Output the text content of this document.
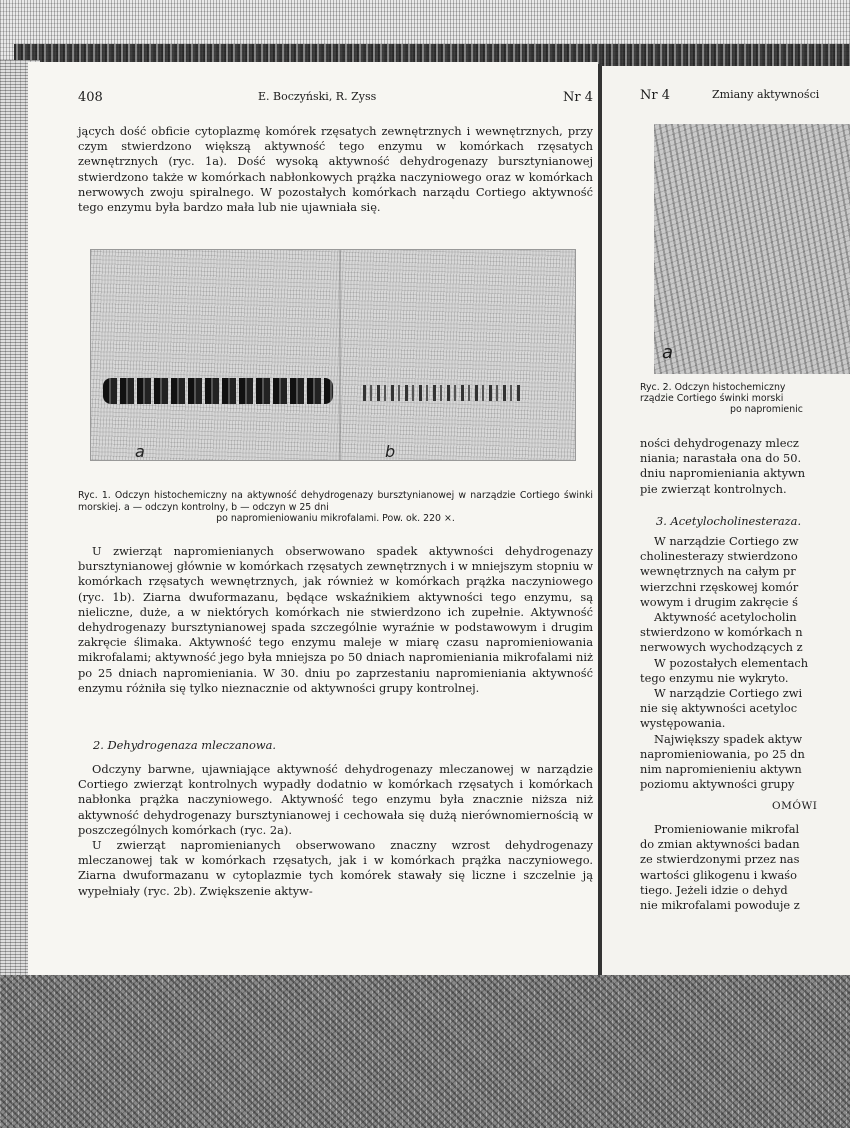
408	E. Boczyński, R. Zyss	Nr 4

jących dość obficie cytoplazmę komórek rzęsatych zewnętrznych i wewnętrznych, przy czym stwierdzono większą aktywność tego enzymu w komórkach rzęsatych zewnętrznych (ryc. 1a). Dość wysoką aktywność dehydrogenazy bursztynianowej stwierdzono także w komórkach nabłonkowych prążka naczyniowego oraz w komórkach nerwowych zwoju spiralnego. W pozostałych komórkach narządu Cortiego aktywność tego enzymu była bardzo mała lub nie ujawniała się.

a	b
Ryc. 1. Odczyn histochemiczny na aktywność dehydrogenazy bursztynianowej w narządzie Cortiego świnki morskiej. a — odczyn kontrolny, b — odczyn w 25 dni
po napromieniowaniu mikrofalami. Pow. ok. 220 ×.

U zwierząt napromienianych obserwowano spadek aktywności dehydrogenazy bursztynianowej głównie w komórkach rzęsatych zewnętrznych i w mniejszym stopniu w komórkach rzęsatych wewnętrznych, jak również w komórkach prążka naczyniowego (ryc. 1b). Ziarna dwuformazanu, będące wskaźnikiem aktywności tego enzymu, są nieliczne, duże, a w niektórych komórkach nie stwierdzono ich zupełnie. Aktywność dehydrogenazy bursztynianowej spada szczególnie wyraźnie w podstawowym i drugim zakręcie ślimaka. Aktywność tego enzymu maleje w miarę czasu napromieniowania mikrofalami; aktywność jego była mniejsza po 50 dniach napromieniania mikrofalami niż po 25 dniach napromieniania. W 30. dniu po zaprzestaniu napromieniania aktywność enzymu różniła się tylko nieznacznie od aktywności grupy kontrolnej.

2. Dehydrogenaza mleczanowa.

Odczyny barwne, ujawniające aktywność dehydrogenazy mleczanowej w narządzie Cortiego zwierząt kontrolnych wypadły dodatnio w komórkach rzęsatych i komórkach nabłonka prążka naczyniowego. Aktywność tego enzymu była znacznie niższa niż aktywność dehydrogenazy bursztynianowej i cechowała się dużą nierównomiernością w poszczególnych komórkach (ryc. 2a).

U zwierząt napromienianych obserwowano znaczny wzrost dehydrogenazy mleczanowej tak w komórkach rzęsatych, jak i w komórkach prążka naczyniowego. Ziarna dwuformazanu w cytoplazmie tych komórek stawały się liczne i szczelnie ją wypełniały (ryc. 2b). Zwiększenie aktyw-

Nr 4	Zmiany aktywności
a
Ryc. 2. Odczyn histochemiczny
rządzie Cortiego świnki morski
po napromienic
ności dehydrogenazy mlecz
niania; narastała ona do 50.
dniu napromieniania aktywn
pie zwierząt kontrolnych.
3. Acetylocholinesteraza.
W narządzie Cortiego zw
cholinesterazy stwierdzono
wewnętrznych na całym pr
wierzchni rzęskowej komór
wowym i drugim zakręcie ś
Aktywność acetylocholin
stwierdzono w komórkach n
nerwowych wychodzących z
W pozostałych elementach
tego enzymu nie wykryto.
W narządzie Cortiego zwi
nie się aktywności acetyloc
występowania.
Największy spadek aktyw
napromieniowania, po 25 dn
nim napromienieniu aktywn
poziomu aktywności grupy
OMÓWI
Promieniowanie mikrofal
do zmian aktywności badan
ze stwierdzonymi przez nas
wartości glikogenu i kwaśo
tiego. Jeżeli idzie o dehyd
nie mikrofalami powoduje z
